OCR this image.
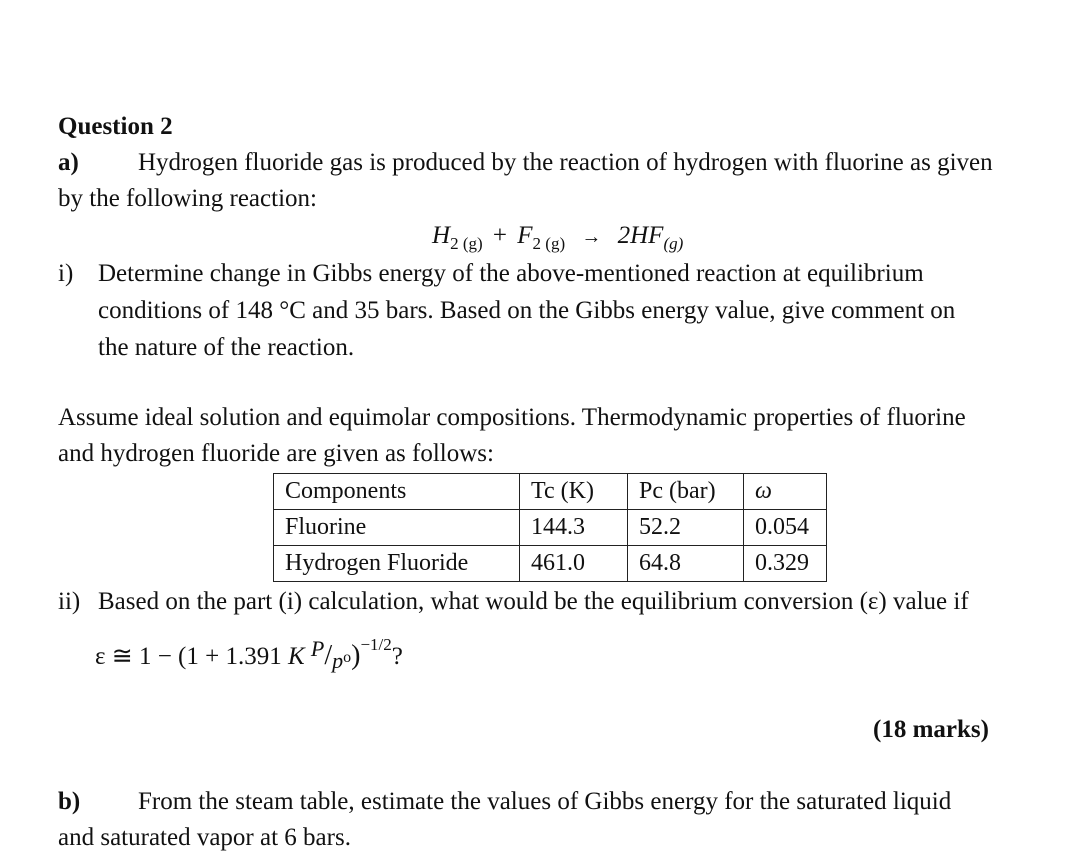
Question 2
a) Hydrogen fluoride gas is produced by the reaction of hydrogen with fluorine as given
by the following reaction:
$H_{2 (g)} + F_{2 (g)} \to 2HF_{(g)}$
i) Determine change in Gibbs energy of the above-mentioned reaction at equilibrium
conditions of 148 °C and 35 bars. Based on the Gibbs energy value, give comment on
the nature of the reaction.
Assume ideal solution and equimolar compositions. Thermodynamic properties of fluorine
and hydrogen fluoride are given as follows:
Components	Tc (K)	Pc (bar)	ω
Fluorine	144.3	52.2	0.054
Hydrogen Fluoride	461.0	64.8	0.329
ii) Based on the part (i) calculation, what would be the equilibrium conversion (ε) value if
ε ≅ 1 − (1 + 1.391 K P/po)$^{-1/2}$?
(18 marks)
b) From the steam table, estimate the values of Gibbs energy for the saturated liquid
and saturated vapor at 6 bars.
